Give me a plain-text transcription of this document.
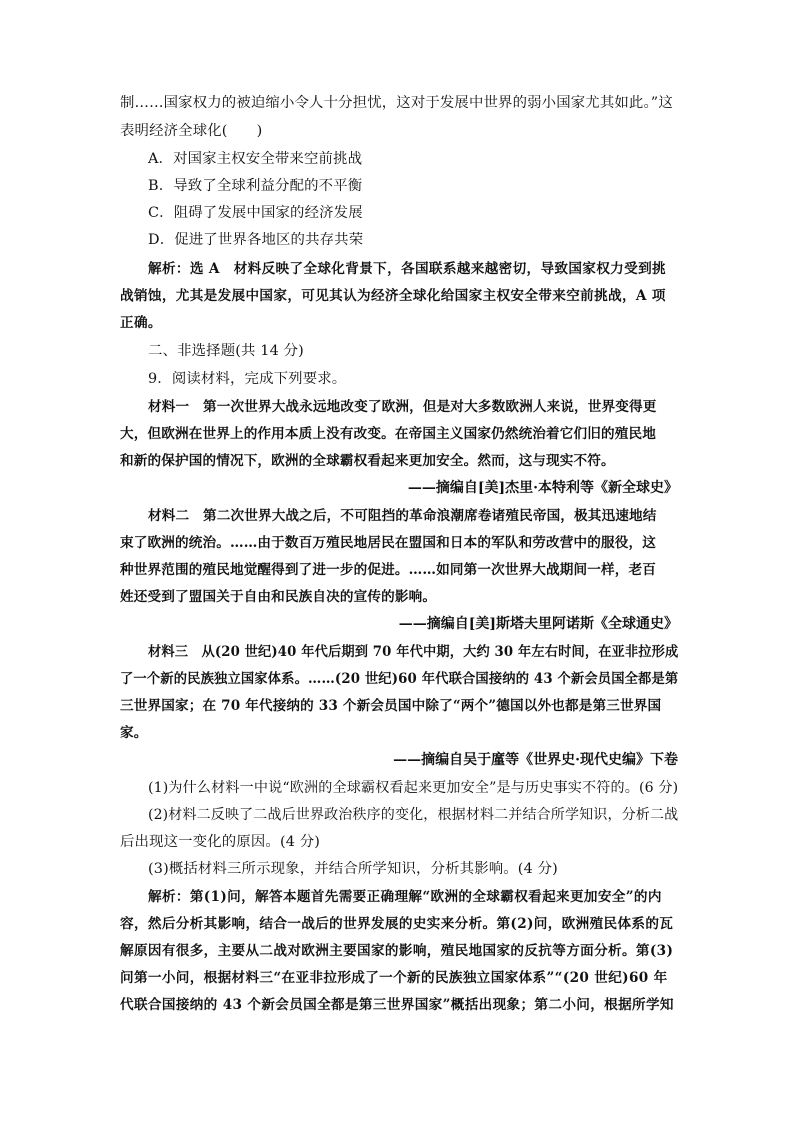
制……国家权力的被迫缩小令人十分担忧，这对于发展中世界的弱小国家尤其如此。”这
表明经济全球化(　　)
A．对国家主权安全带来空前挑战
B．导致了全球利益分配的不平衡
C．阻碍了发展中国家的经济发展
D．促进了世界各地区的共存共荣
解析：选 A　材料反映了全球化背景下，各国联系越来越密切，导致国家权力受到挑
战销蚀，尤其是发展中国家，可见其认为经济全球化给国家主权安全带来空前挑战，A 项
正确。
二、非选择题(共 14 分)
9．阅读材料，完成下列要求。
材料一　第一次世界大战永远地改变了欧洲，但是对大多数欧洲人来说，世界变得更
大，但欧洲在世界上的作用本质上没有改变。在帝国主义国家仍然统治着它们旧的殖民地
和新的保护国的情况下，欧洲的全球霸权看起来更加安全。然而，这与现实不符。
——摘编自[美]杰里·本特利等《新全球史》
材料二　第二次世界大战之后，不可阻挡的革命浪潮席卷诸殖民帝国，极其迅速地结
束了欧洲的统治。……由于数百万殖民地居民在盟国和日本的军队和劳改营中的服役，这
种世界范围的殖民地觉醒得到了进一步的促进。……如同第一次世界大战期间一样，老百
姓还受到了盟国关于自由和民族自决的宣传的影响。
——摘编自[美]斯塔夫里阿诺斯《全球通史》
材料三　从(20 世纪)40 年代后期到 70 年代中期，大约 30 年左右时间，在亚非拉形成
了一个新的民族独立国家体系。……(20 世纪)60 年代联合国接纳的 43 个新会员国全都是第
三世界国家；在 70 年代接纳的 33 个新会员国中除了“两个”德国以外也都是第三世界国
家。
——摘编自吴于廑等《世界史·现代史编》下卷
(1)为什么材料一中说“欧洲的全球霸权看起来更加安全”是与历史事实不符的。(6 分)
(2)材料二反映了二战后世界政治秩序的变化，根据材料二并结合所学知识，分析二战
后出现这一变化的原因。(4 分)
(3)概括材料三所示现象，并结合所学知识，分析其影响。(4 分)
解析：第(1)问，解答本题首先需要正确理解“欧洲的全球霸权看起来更加安全”的内
容，然后分析其影响，结合一战后的世界发展的史实来分析。第(2)问，欧洲殖民体系的瓦
解原因有很多，主要从二战对欧洲主要国家的影响，殖民地国家的反抗等方面分析。第(3)
问第一小问，根据材料三“在亚非拉形成了一个新的民族独立国家体系”“(20 世纪)60 年
代联合国接纳的 43 个新会员国全都是第三世界国家”概括出现象；第二小问，根据所学知
